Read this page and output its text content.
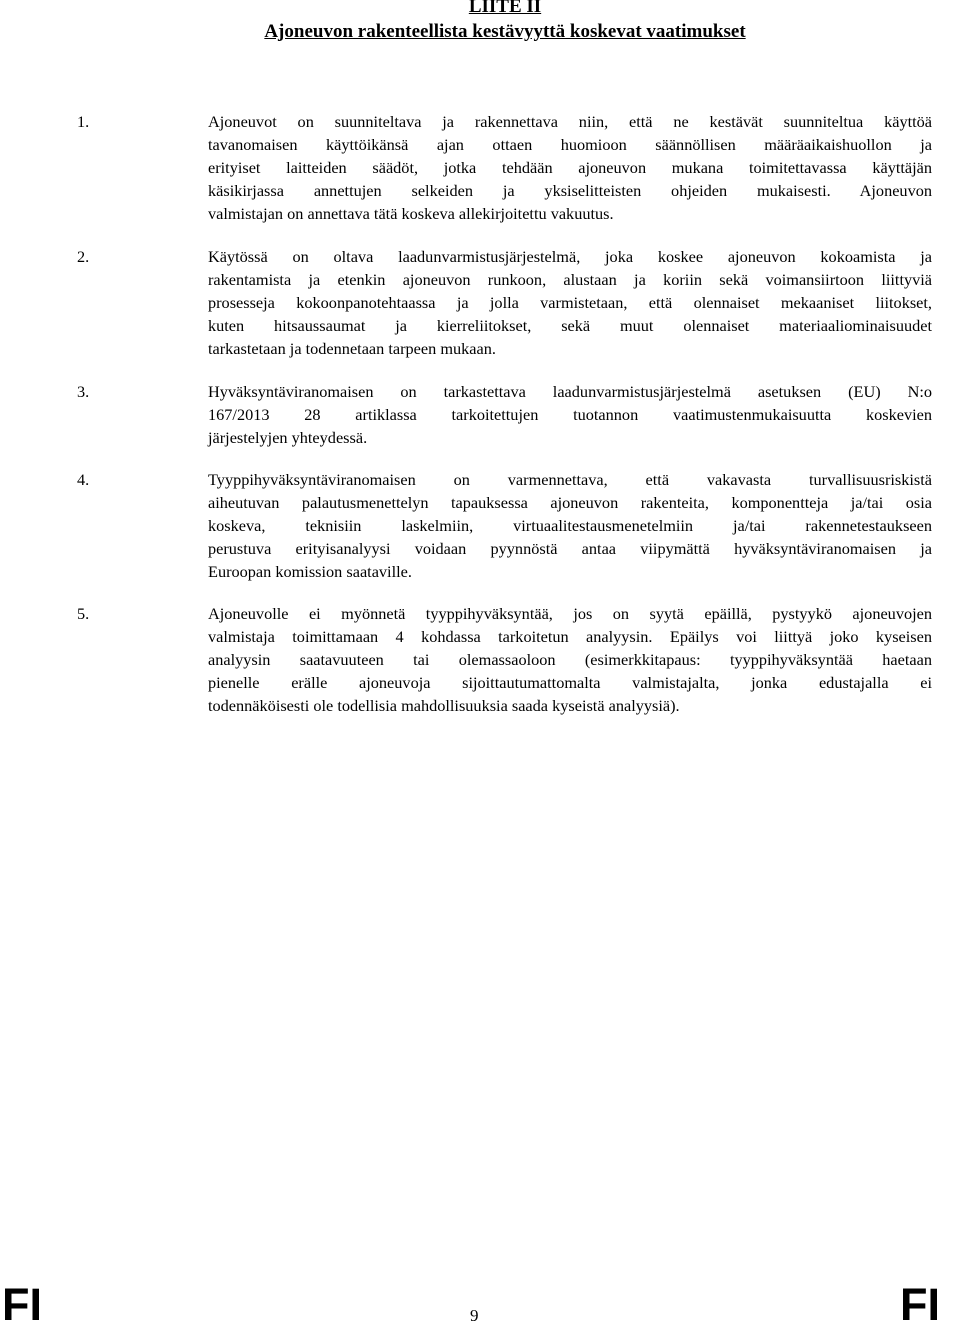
LIITE II
Ajoneuvon rakenteellista kestävyyttä koskevat vaatimukset
1.	Ajoneuvot on suunniteltava ja rakennettava niin, että ne kestävät suunniteltua käyttöä
tavanomaisen käyttöikänsä ajan ottaen huomioon säännöllisen määräaikaishuollon ja
erityiset laitteiden säädöt, jotka tehdään ajoneuvon mukana toimitettavassa käyttäjän
käsikirjassa annettujen selkeiden ja yksiselitteisten ohjeiden mukaisesti. Ajoneuvon
valmistajan on annettava tätä koskeva allekirjoitettu vakuutus.
2.	Käytössä on oltava laadunvarmistusjärjestelmä, joka koskee ajoneuvon kokoamista ja
rakentamista ja etenkin ajoneuvon runkoon, alustaan ja koriin sekä voimansiirtoon liittyviä
prosesseja kokoonpanotehtaassa ja jolla varmistetaan, että olennaiset mekaaniset liitokset,
kuten hitsaussaumat ja kierreliitokset, sekä muut olennaiset materiaaliominaisuudet
tarkastetaan ja todennetaan tarpeen mukaan.
3.	Hyväksyntäviranomaisen on tarkastettava laadunvarmistusjärjestelmä asetuksen (EU) N:o
167/2013 28 artiklassa tarkoitettujen tuotannon vaatimustenmukaisuutta koskevien
järjestelyjen yhteydessä.
4.	Tyyppihyväksyntäviranomaisen on varmennettava, että vakavasta turvallisuusriskistä
aiheutuvan palautusmenettelyn tapauksessa ajoneuvon rakenteita, komponentteja ja/tai osia
koskeva, teknisiin laskelmiin, virtuaalitestausmenetelmiin ja/tai rakennetestaukseen
perustuva erityisanalyysi voidaan pyynnöstä antaa viipymättä hyväksyntäviranomaisen ja
Euroopan komission saataville.
5.	Ajoneuvolle ei myönnetä tyyppihyväksyntää, jos on syytä epäillä, pystyykö ajoneuvojen
valmistaja toimittamaan 4 kohdassa tarkoitetun analyysin. Epäilys voi liittyä joko kyseisen
analyysin saatavuuteen tai olemassaoloon (esimerkkitapaus: tyyppihyväksyntää haetaan
pienelle erälle ajoneuvoja sijoittautumattomalta valmistajalta, jonka edustajalla ei
todennäköisesti ole todellisia mahdollisuuksia saada kyseistä analyysiä).
FI	9	FI
